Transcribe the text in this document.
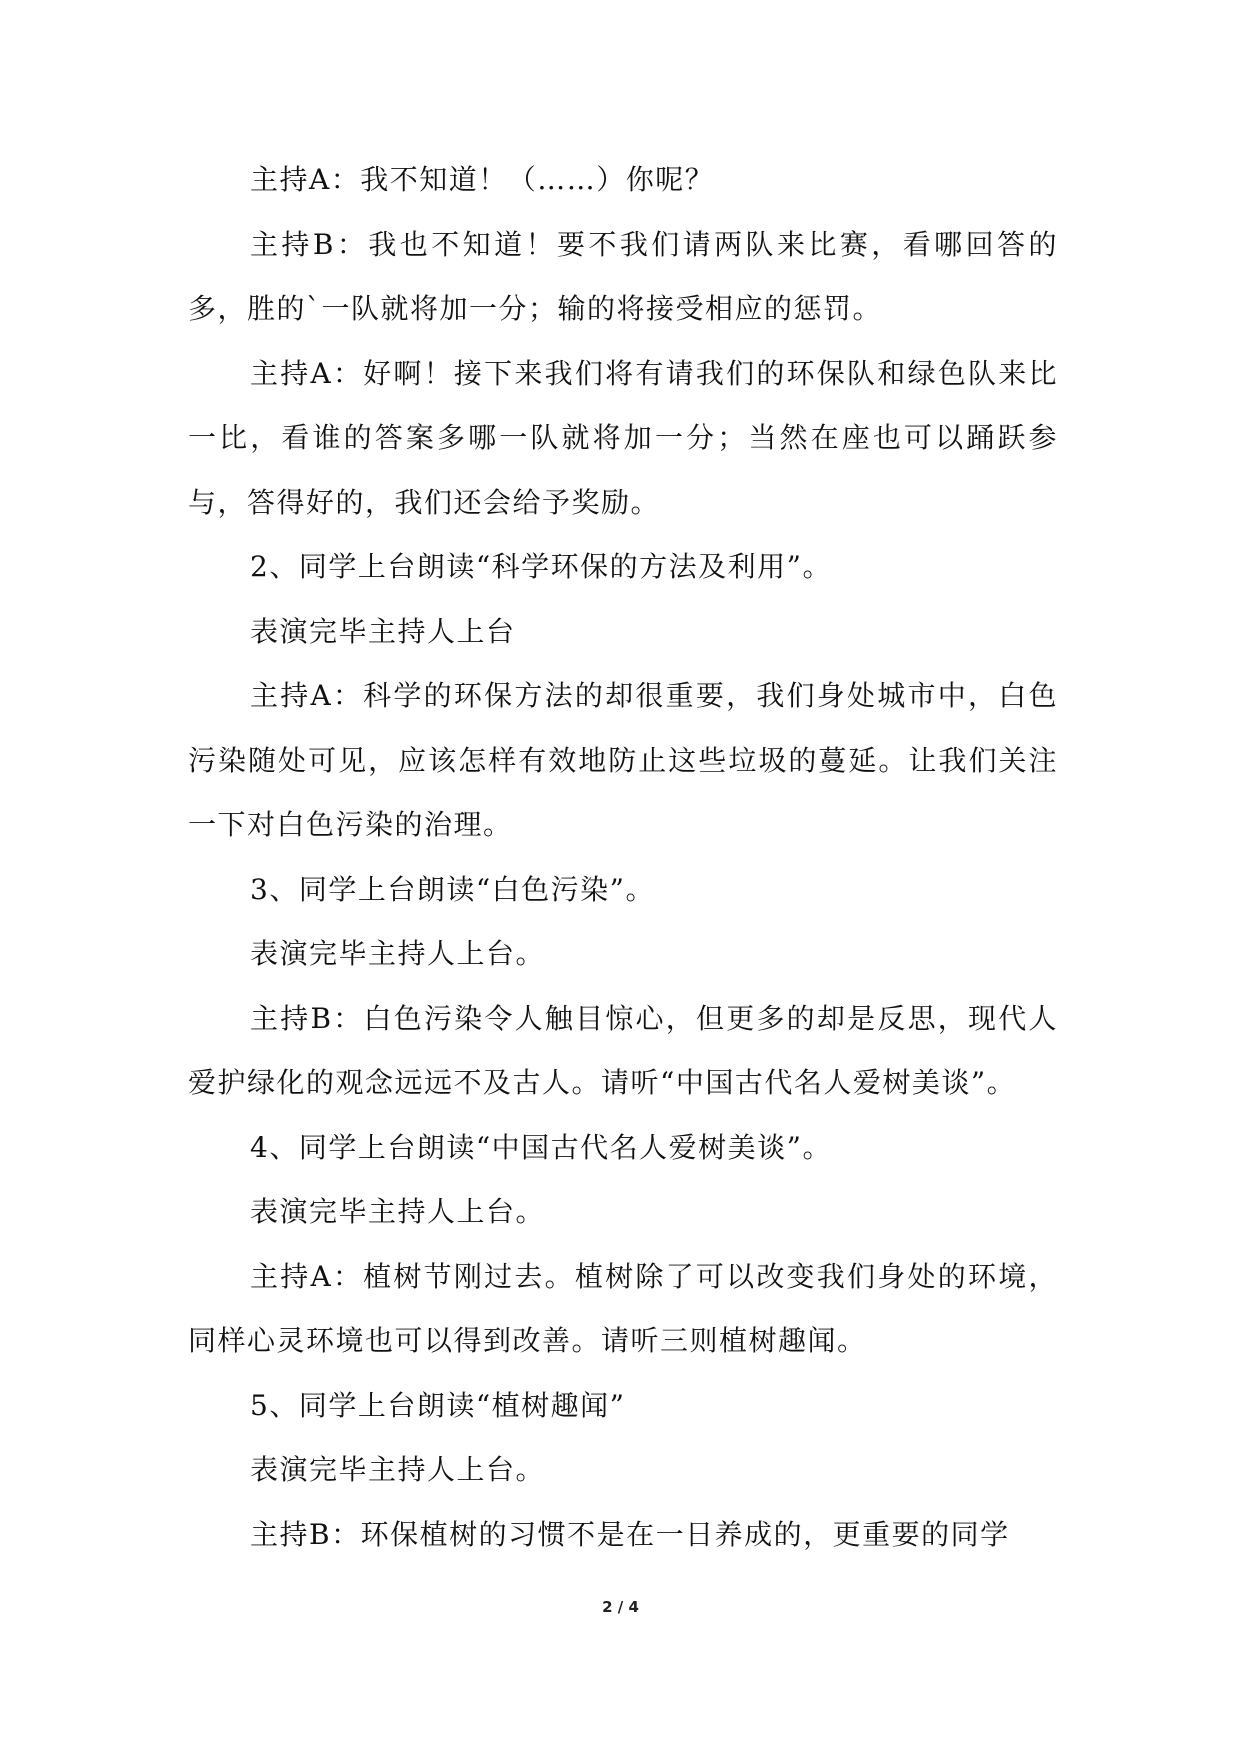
主持A：我不知道！（……）你呢？

主持B：我也不知道！要不我们请两队来比赛，看哪回答的多，胜的`一队就将加一分；输的将接受相应的惩罚。

主持A：好啊！接下来我们将有请我们的环保队和绿色队来比一比，看谁的答案多哪一队就将加一分；当然在座也可以踊跃参与，答得好的，我们还会给予奖励。

2、同学上台朗读“科学环保的方法及利用”。

表演完毕主持人上台

主持A：科学的环保方法的却很重要，我们身处城市中，白色污染随处可见，应该怎样有效地防止这些垃圾的蔓延。让我们关注一下对白色污染的治理。

3、同学上台朗读“白色污染”。

表演完毕主持人上台。

主持B：白色污染令人触目惊心，但更多的却是反思，现代人爱护绿化的观念远远不及古人。请听“中国古代名人爱树美谈”。

4、同学上台朗读“中国古代名人爱树美谈”。

表演完毕主持人上台。

主持A：植树节刚过去。植树除了可以改变我们身处的环境，同样心灵环境也可以得到改善。请听三则植树趣闻。

5、同学上台朗读“植树趣闻”

表演完毕主持人上台。

主持B：环保植树的习惯不是在一日养成的，更重要的同学

2 / 4
